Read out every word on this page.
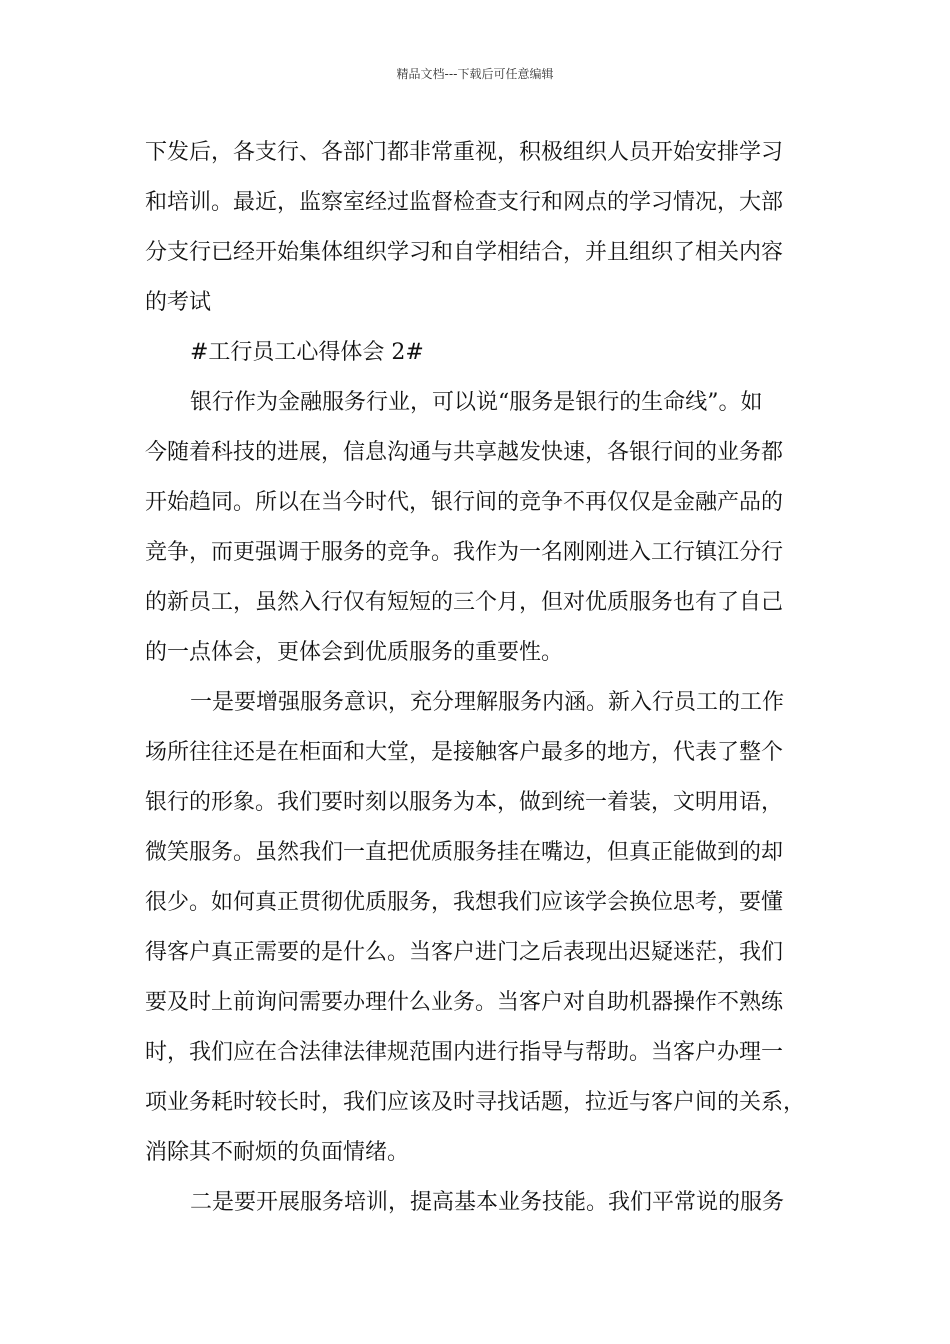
精品文档---下载后可任意编辑
下发后，各支行、各部门都非常重视，积极组织人员开始安排学习
和培训。最近，监察室经过监督检查支行和网点的学习情况，大部
分支行已经开始集体组织学习和自学相结合，并且组织了相关内容
的考试
#工行员工心得体会 2#
银行作为金融服务行业，可以说“服务是银行的生命线”。如
今随着科技的进展，信息沟通与共享越发快速，各银行间的业务都
开始趋同。所以在当今时代，银行间的竞争不再仅仅是金融产品的
竞争，而更强调于服务的竞争。我作为一名刚刚进入工行镇江分行
的新员工，虽然入行仅有短短的三个月，但对优质服务也有了自己
的一点体会，更体会到优质服务的重要性。
一是要增强服务意识，充分理解服务内涵。新入行员工的工作
场所往往还是在柜面和大堂，是接触客户最多的地方，代表了整个
银行的形象。我们要时刻以服务为本，做到统一着装，文明用语，
微笑服务。虽然我们一直把优质服务挂在嘴边，但真正能做到的却
很少。如何真正贯彻优质服务，我想我们应该学会换位思考，要懂
得客户真正需要的是什么。当客户进门之后表现出迟疑迷茫，我们
要及时上前询问需要办理什么业务。当客户对自助机器操作不熟练
时，我们应在合法律法律规范围内进行指导与帮助。当客户办理一
项业务耗时较长时，我们应该及时寻找话题，拉近与客户间的关系，
消除其不耐烦的负面情绪。
二是要开展服务培训，提高基本业务技能。我们平常说的服务
